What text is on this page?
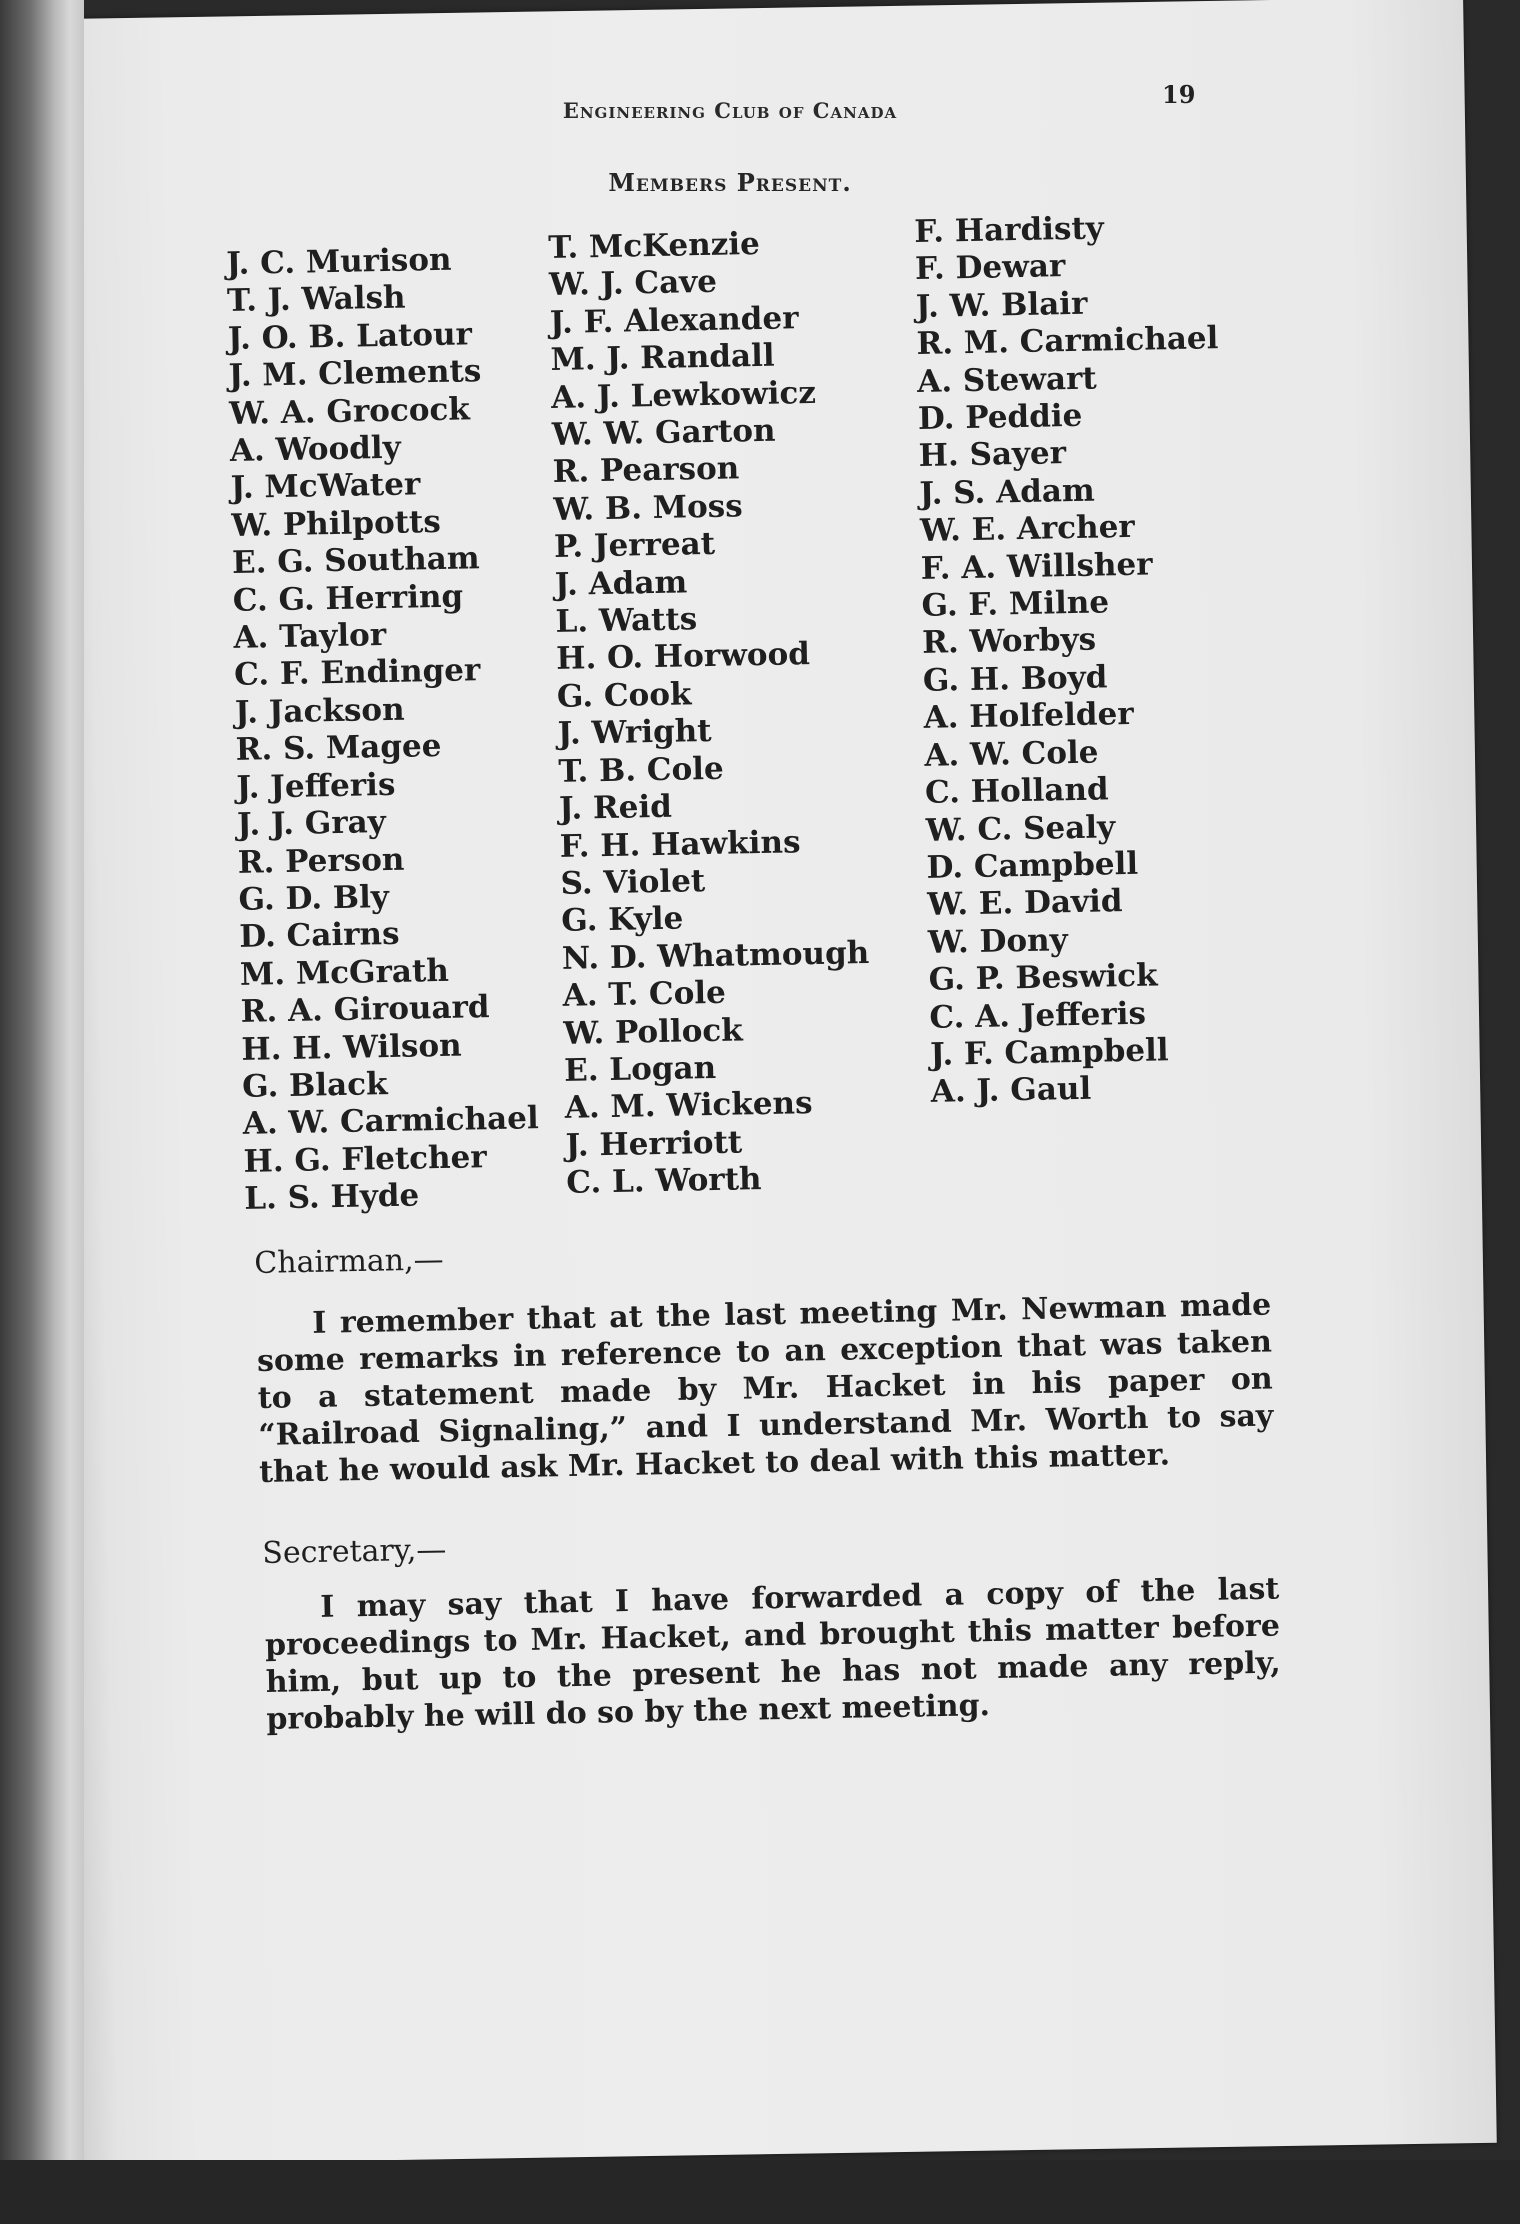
Engineering Club of Canada
19
Members Present.
J. C. Murison
T. J. Walsh
J. O. B. Latour
J. M. Clements
W. A. Grocock
A. Woodly
J. McWater
W. Philpotts
E. G. Southam
C. G. Herring
A. Taylor
C. F. Endinger
J. Jackson
R. S. Magee
J. Jefferis
J. J. Gray
R. Person
G. D. Bly
D. Cairns
M. McGrath
R. A. Girouard
H. H. Wilson
G. Black
A. W. Carmichael
H. G. Fletcher
L. S. Hyde
T. McKenzie
W. J. Cave
J. F. Alexander
M. J. Randall
A. J. Lewkowicz
W. W. Garton
R. Pearson
W. B. Moss
P. Jerreat
J. Adam
L. Watts
H. O. Horwood
G. Cook
J. Wright
T. B. Cole
J. Reid
F. H. Hawkins
S. Violet
G. Kyle
N. D. Whatmough
A. T. Cole
W. Pollock
E. Logan
A. M. Wickens
J. Herriott
C. L. Worth
F. Hardisty
F. Dewar
J. W. Blair
R. M. Carmichael
A. Stewart
D. Peddie
H. Sayer
J. S. Adam
W. E. Archer
F. A. Willsher
G. F. Milne
R. Worbys
G. H. Boyd
A. Holfelder
A. W. Cole
C. Holland
W. C. Sealy
D. Campbell
W. E. David
W. Dony
G. P. Beswick
C. A. Jefferis
J. F. Campbell
A. J. Gaul
Chairman,—

I remember that at the last meeting Mr. Newman made some remarks in reference to an exception that was taken to a statement made by Mr. Hacket in his paper on “Railroad Signaling,” and I understand Mr. Worth to say that he would ask Mr. Hacket to deal with this matter.

Secretary,—

I may say that I have forwarded a copy of the last proceedings to Mr. Hacket, and brought this matter before him, but up to the present he has not made any reply, probably he will do so by the next meeting.
